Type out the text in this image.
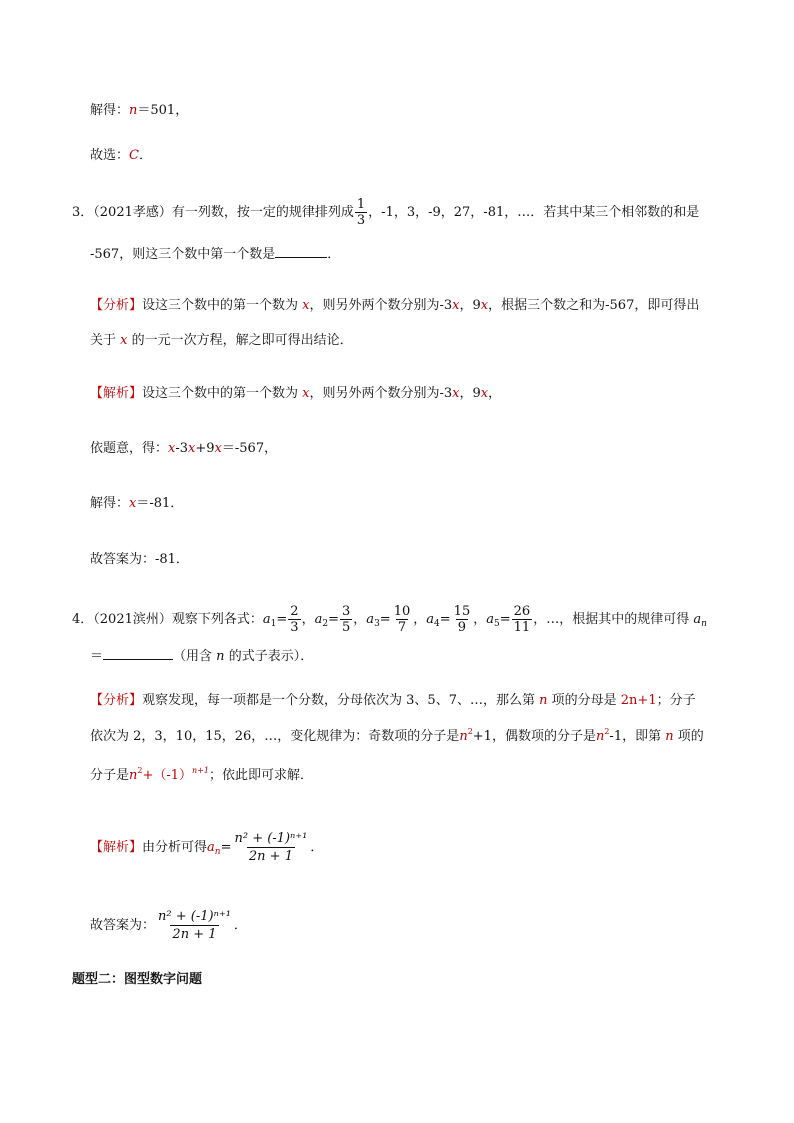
解得：n＝501，
故选：C．
3．（2021孝感）有一列数，按一定的规律排列成 $\frac{1}{3}$ ，-1，3，-9，27，-81，…．若其中某三个相邻数的和是
-567，则这三个数中第一个数是	．
【分析】设这三个数中的第一个数为 x，则另外两个数分别为-3x，9x，根据三个数之和为-567，即可得出
关于 x 的一元一次方程，解之即可得出结论．
【解析】设这三个数中的第一个数为 x，则另外两个数分别为-3x，9x，
依题意，得：x-3x+9x＝-567，
解得：x＝-81．
故答案为：-81．
4．（2021滨州）观察下列各式：$a_1= \frac{2}{3}$ ，$a_2= \frac{3}{5}$ ，$a_3= \frac{10}{7}$ ，$a_4= \frac{15}{9}$ ，$a_5= \frac{26}{11}$ ，…，根据其中的规律可得 $a_n$
＝	（用含 n 的式子表示）．
【分析】观察发现，每一项都是一个分数，分母依次为 3、5、7、…，那么第 n 项的分母是 2n+1；分子
依次为 2，3，10，15，26，…，变化规律为：奇数项的分子是$n^2+1$，偶数项的分子是$n^2-1$，即第 n 项的
分子是$n^2+(-1)^{n+1}$；依此即可求解．
【解析】由分析可得$a_n= \frac{\text{n² + (-1)ⁿ⁺¹}}{2n + 1}$ ．
故答案为： $\frac{\text{n² + (-1)ⁿ⁺¹}}{2n + 1}$ ．
题型二：图型数字问题
